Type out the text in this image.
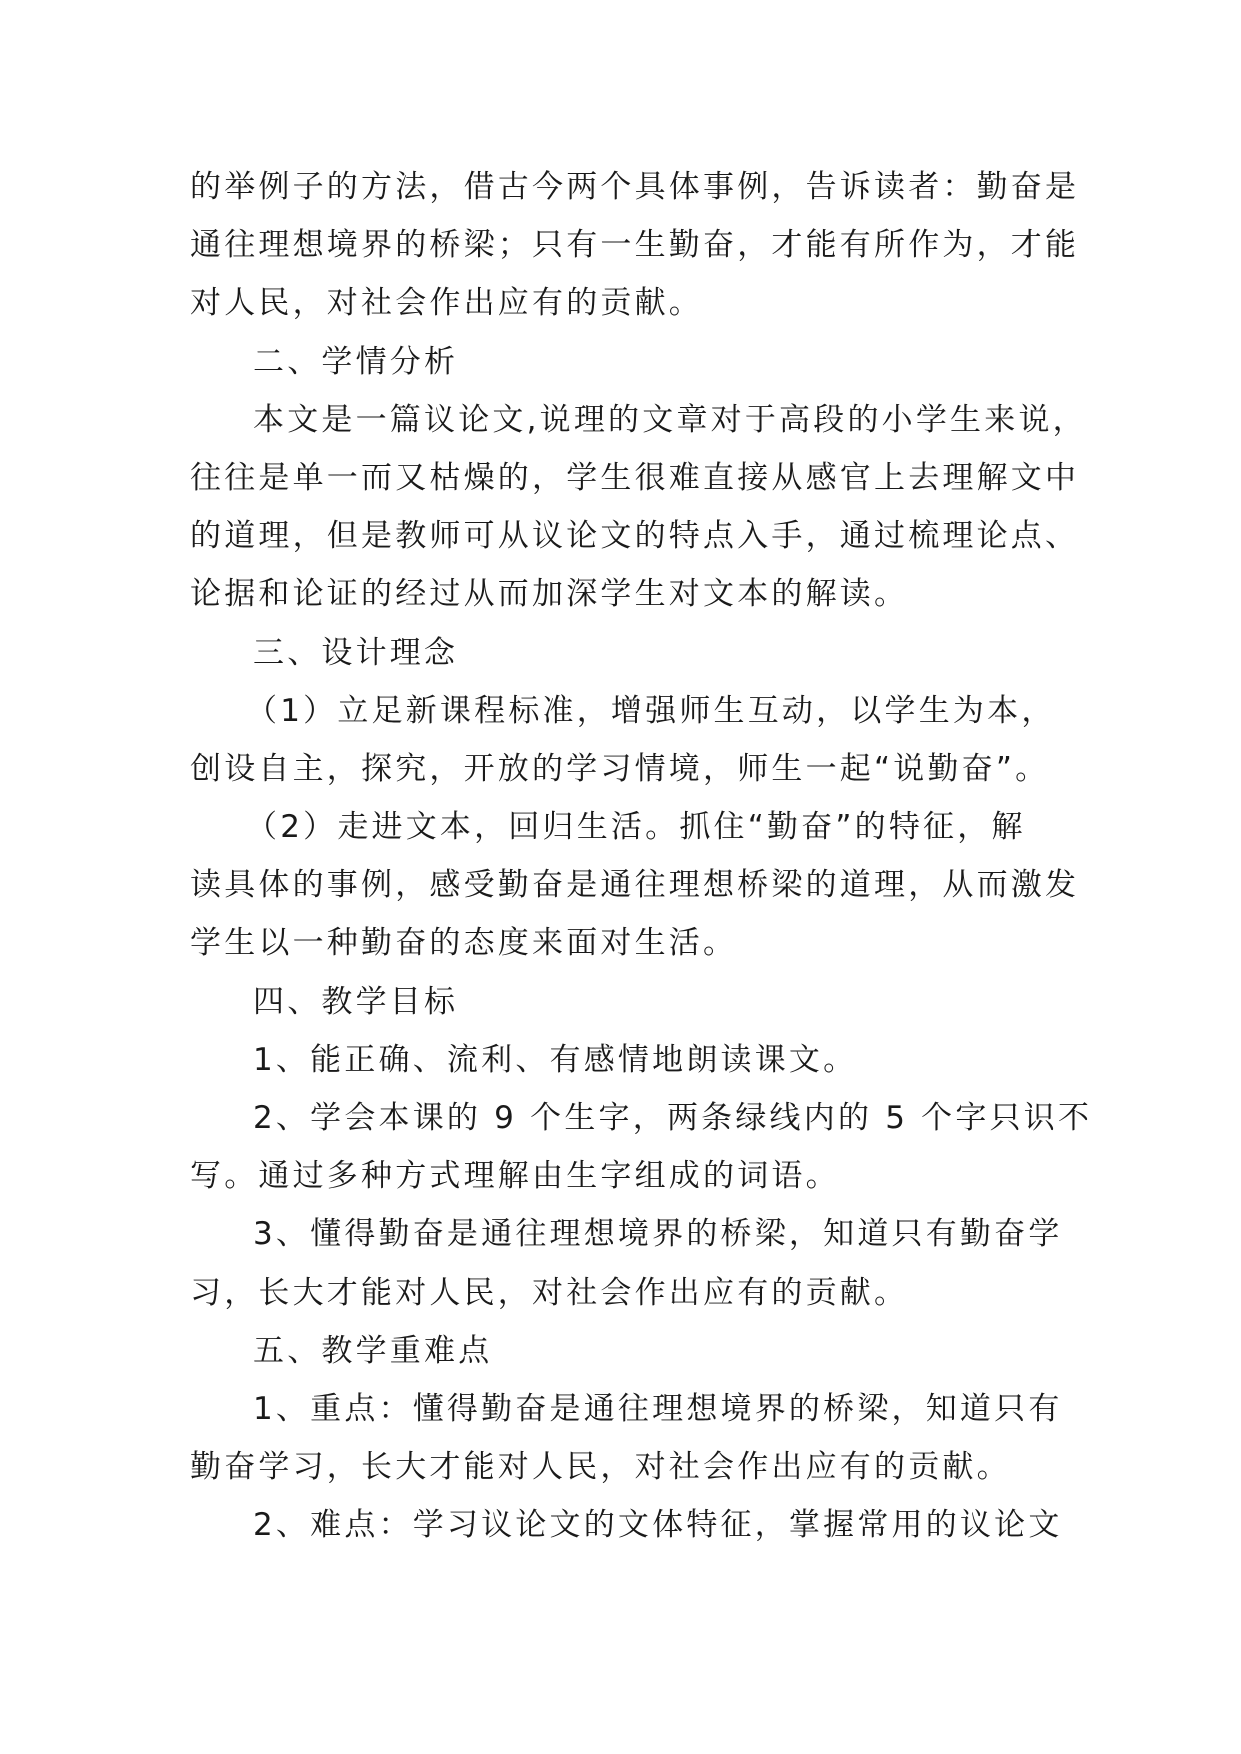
的举例子的方法，借古今两个具体事例，告诉读者：勤奋是
通往理想境界的桥梁；只有一生勤奋，才能有所作为，才能
对人民，对社会作出应有的贡献。
二、学情分析
本文是一篇议论文,说理的文章对于高段的小学生来说，
往往是单一而又枯燥的，学生很难直接从感官上去理解文中
的道理，但是教师可从议论文的特点入手，通过梳理论点、
论据和论证的经过从而加深学生对文本的解读。
三、设计理念
（1）立足新课程标准，增强师生互动，以学生为本，
创设自主，探究，开放的学习情境，师生一起“说勤奋”。
（2）走进文本，回归生活。抓住“勤奋”的特征，解
读具体的事例，感受勤奋是通往理想桥梁的道理，从而激发
学生以一种勤奋的态度来面对生活。
四、教学目标
1、能正确、流利、有感情地朗读课文。
2、学会本课的 9 个生字，两条绿线内的 5 个字只识不
写。通过多种方式理解由生字组成的词语。
3、懂得勤奋是通往理想境界的桥梁，知道只有勤奋学
习，长大才能对人民，对社会作出应有的贡献。
五、教学重难点
1、重点：懂得勤奋是通往理想境界的桥梁，知道只有
勤奋学习，长大才能对人民，对社会作出应有的贡献。
2、难点：学习议论文的文体特征，掌握常用的议论文
